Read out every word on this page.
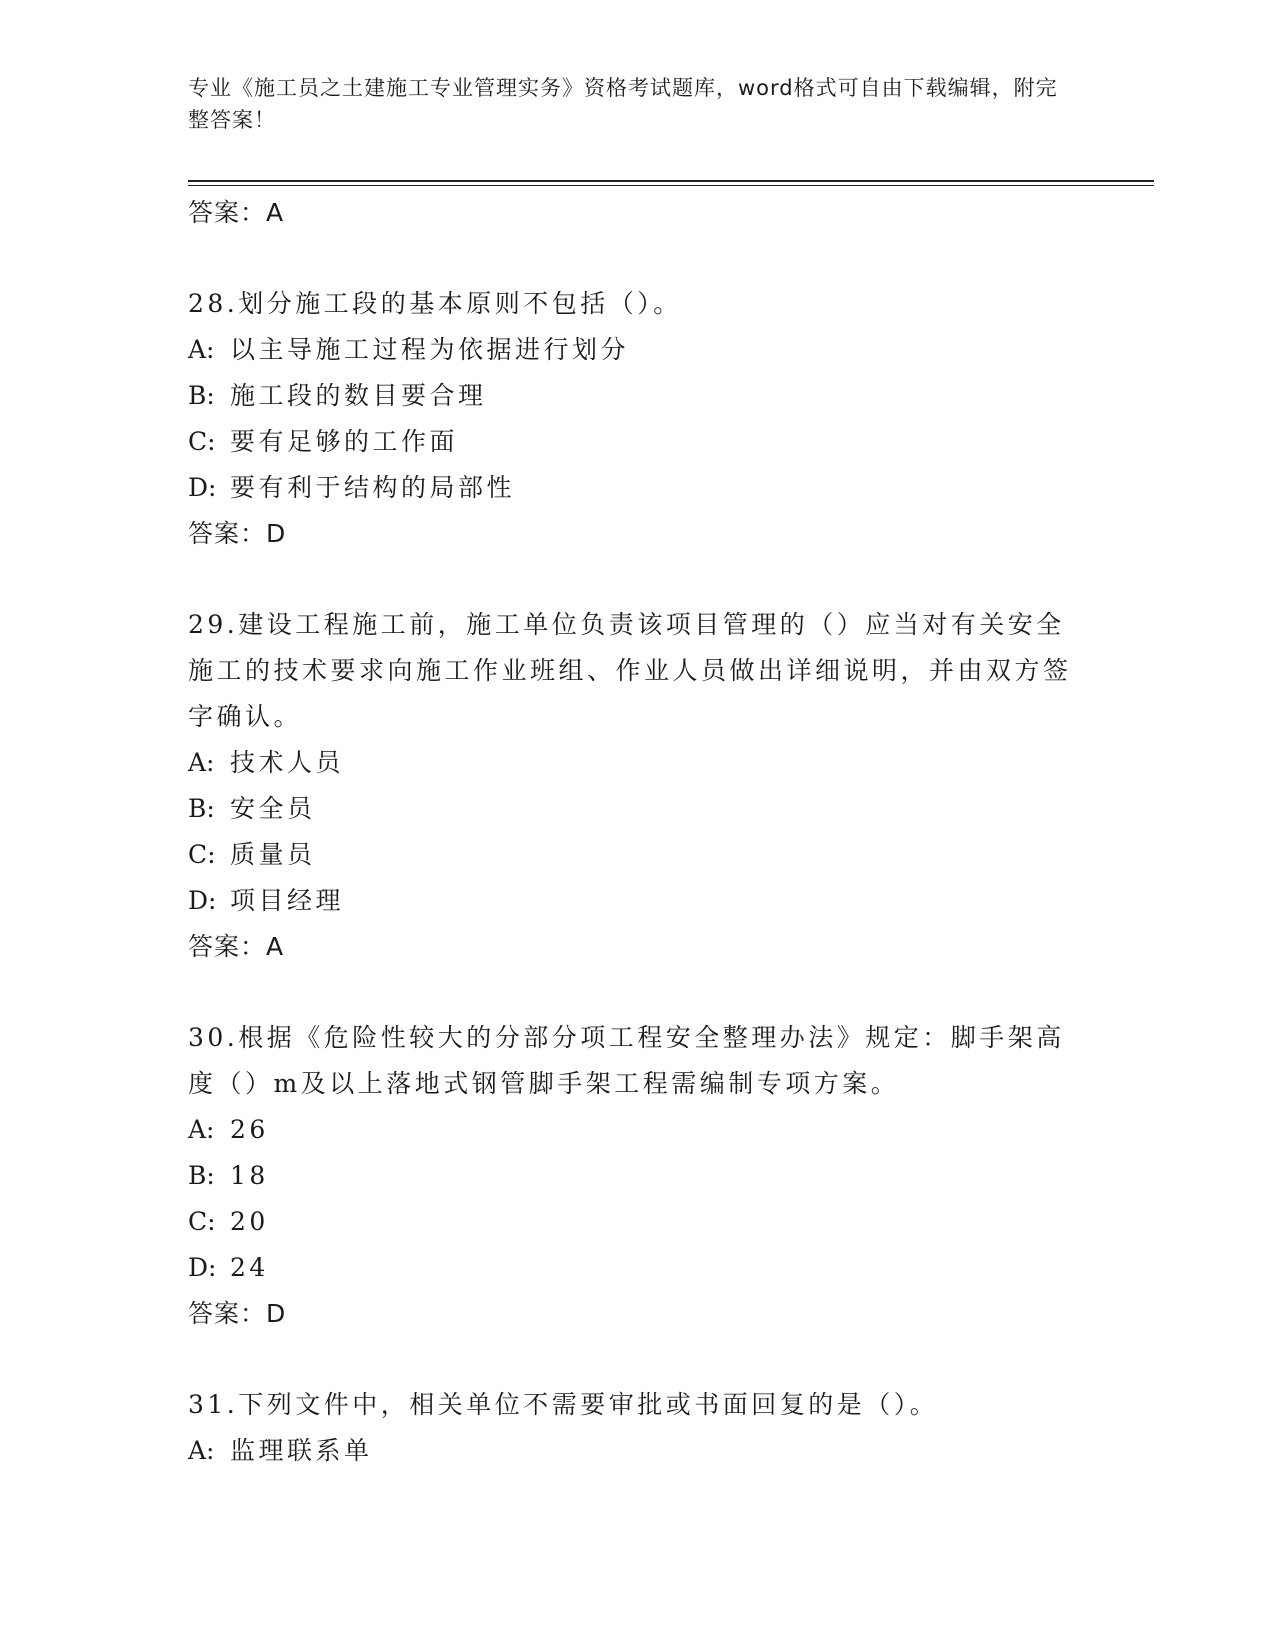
专业《施工员之土建施工专业管理实务》资格考试题库，word格式可自由下载编辑，附完整答案！
答案：A
28.划分施工段的基本原则不包括（）。
A: 以主导施工过程为依据进行划分
B: 施工段的数目要合理
C: 要有足够的工作面
D: 要有利于结构的局部性
答案：D
29.建设工程施工前，施工单位负责该项目管理的（）应当对有关安全施工的技术要求向施工作业班组、作业人员做出详细说明，并由双方签字确认。
A: 技术人员
B: 安全员
C: 质量员
D: 项目经理
答案：A
30.根据《危险性较大的分部分项工程安全整理办法》规定：脚手架高度（）m及以上落地式钢管脚手架工程需编制专项方案。
A: 26
B: 18
C: 20
D: 24
答案：D
31.下列文件中，相关单位不需要审批或书面回复的是（）。
A: 监理联系单
